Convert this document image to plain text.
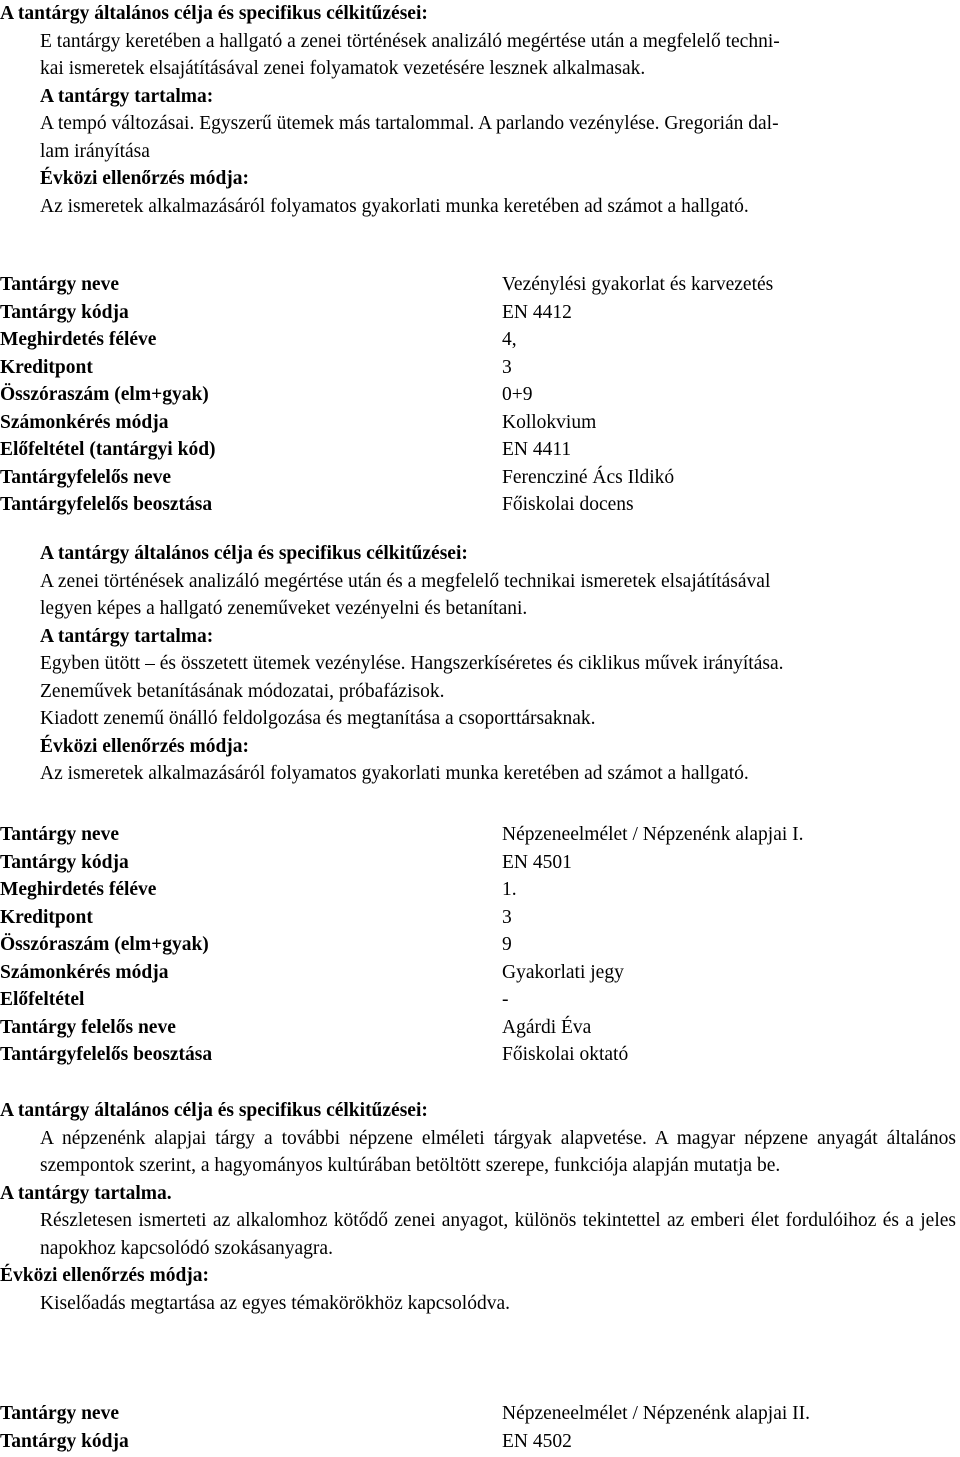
A tantárgy általános célja és specifikus célkitűzései:

E tantárgy keretében a hallgató a zenei történések analizáló megértése után a megfelelő techni-

kai ismeretek elsajátításával zenei folyamatok vezetésére lesznek alkalmasak.

A tantárgy tartalma:

A tempó változásai. Egyszerű ütemek más tartalommal. A parlando vezénylése. Gregorián dal-

lam irányítása

Évközi ellenőrzés módja:

Az ismeretek alkalmazásáról folyamatos gyakorlati munka keretében ad számot a hallgató.

Tantárgy neve	Vezénylési gyakorlat és karvezetés
Tantárgy kódja	EN 4412
Meghirdetés féléve	4,
Kreditpont	3
Összóraszám (elm+gyak)	0+9
Számonkérés módja	Kollokvium
Előfeltétel (tantárgyi kód)	EN 4411
Tantárgyfelelős neve	Ferencziné Ács Ildikó
Tantárgyfelelős beosztása	Főiskolai docens

A tantárgy általános célja és specifikus célkitűzései:

A zenei történések analizáló megértése után és a megfelelő technikai ismeretek elsajátításával

legyen képes a hallgató zeneműveket vezényelni és betanítani.

A tantárgy tartalma:

Egyben ütött – és összetett ütemek vezénylése. Hangszerkíséretes és ciklikus művek irányítása.

Zeneművek betanításának módozatai, próbafázisok.

Kiadott zenemű önálló feldolgozása és megtanítása a csoporttársaknak.

Évközi ellenőrzés módja:

Az ismeretek alkalmazásáról folyamatos gyakorlati munka keretében ad számot a hallgató.

Tantárgy neve	Népzeneelmélet / Népzenénk alapjai I.
Tantárgy kódja	EN 4501
Meghirdetés féléve	1.
Kreditpont	3
Összóraszám (elm+gyak)	9
Számonkérés módja	Gyakorlati jegy
Előfeltétel	-
Tantárgy felelős neve	Agárdi Éva
Tantárgyfelelős beosztása	Főiskolai oktató

A tantárgy általános célja és specifikus célkitűzései:

A népzenénk alapjai tárgy a további népzene elméleti tárgyak alapvetése. A magyar népzene anyagát általános szempontok szerint, a hagyományos kultúrában betöltött szerepe, funkciója alapján mutatja be.

A tantárgy tartalma.

Részletesen ismerteti az alkalomhoz kötődő zenei anyagot, különös tekintettel az emberi élet fordulóihoz és a jeles napokhoz kapcsolódó szokásanyagra.

Évközi ellenőrzés módja:

Kiselőadás megtartása az egyes témakörökhöz kapcsolódva.

Tantárgy neve	Népzeneelmélet / Népzenénk alapjai II.
Tantárgy kódja	EN 4502
